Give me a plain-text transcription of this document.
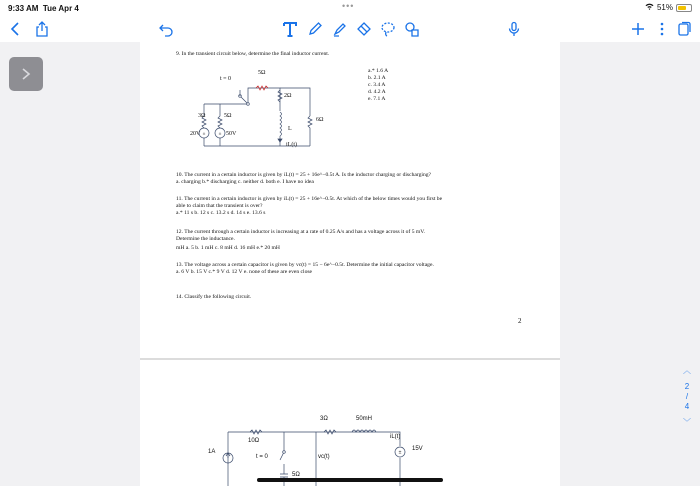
9:33 AM Tue Apr 4	•••	51%
︿
2
/
4
﹀
9. In the transient circuit below, determine the final inductor current.
±	±
5Ω
t = 0
2Ω
3Ω	5Ω
6Ω
20V	50V
L
iL(t)
a.* 1.6 A
b. 2.1 A
c. 3.4 A
d. 4.2 A
e. 7.1 A
10. The current in a certain inductor is given by iL(t) = 25 + 16e^−0.5t A. Is the inductor charging or discharging?
a. charging b.* discharging c. neither d. both e. I have no idea
11. The current in a certain inductor is given by iL(t) = 25 + 16e^−0.5t. At which of the below times would you first be
able to claim that the transient is over?
a.* 11 s b. 12 s c. 13.2 s d. 14 s e. 13.6 s
12. The current through a certain inductor is increasing at a rate of 0.25 A/s and has a voltage across it of 5 mV.
Determine the inductance.
mH a. 5 b. 1 mH c. 8 mH d. 16 mH e.* 20 mH
13. The voltage across a certain capacitor is given by vc(t) = 15 − 6e^−0.5t. Determine the initial capacitor voltage.
a. 6 V b. 15 V c.* 9 V d. 12 V e. none of these are even close
14. Classify the following circuit.
2
±
3Ω	50mH
10Ω
1A
t = 0	vc(t)
iL(t)
15V
5Ω
